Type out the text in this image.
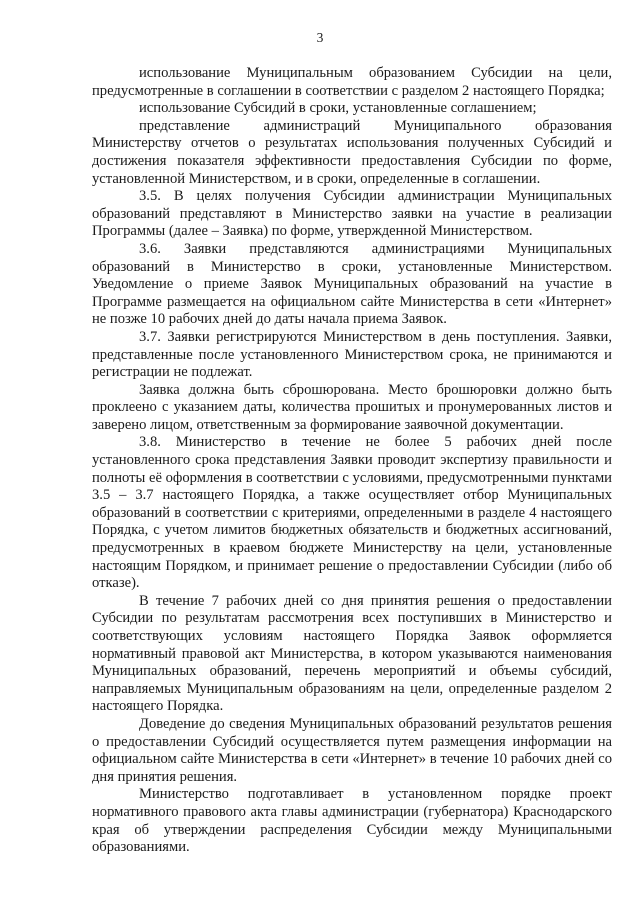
3

использование Муниципальным образованием Субсидии на цели, предусмотренные в соглашении в соответствии с разделом 2 настоящего Порядка;

использование Субсидий в сроки, установленные соглашением;

представление администраций Муниципального образования Министерству отчетов о результатах использования полученных Субсидий и достижения показателя эффективности предоставления Субсидии по форме, установленной Министерством, и в сроки, определенные в соглашении.

3.5. В целях получения Субсидии администрации Муниципальных образований представляют в Министерство заявки на участие в реализации Программы (далее – Заявка) по форме, утвержденной Министерством.

3.6. Заявки представляются администрациями Муниципальных образований в Министерство в сроки, установленные Министерством. Уведомление о приеме Заявок Муниципальных образований на участие в Программе размещается на официальном сайте Министерства в сети «Интернет» не позже 10 рабочих дней до даты начала приема Заявок.

3.7. Заявки регистрируются Министерством в день поступления. Заявки, представленные после установленного Министерством срока, не принимаются и регистрации не подлежат.

Заявка должна быть сброшюрована. Место брошюровки должно быть проклеено с указанием даты, количества прошитых и пронумерованных листов и заверено лицом, ответственным за формирование заявочной документации.

3.8. Министерство в течение не более 5 рабочих дней после установленного срока представления Заявки проводит экспертизу правильности и полноты её оформления в соответствии с условиями, предусмотренными пунктами 3.5 – 3.7 настоящего Порядка, а также осуществляет отбор Муниципальных образований в соответствии с критериями, определенными в разделе 4 настоящего Порядка, с учетом лимитов бюджетных обязательств и бюджетных ассигнований, предусмотренных в краевом бюджете Министерству на цели, установленные настоящим Порядком, и принимает решение о предоставлении Субсидии (либо об отказе).

В течение 7 рабочих дней со дня принятия решения о предоставлении Субсидии по результатам рассмотрения всех поступивших в Министерство и соответствующих условиям настоящего Порядка Заявок оформляется нормативный правовой акт Министерства, в котором указываются наименования Муниципальных образований, перечень мероприятий и объемы субсидий, направляемых Муниципальным образованиям на цели, определенные разделом 2 настоящего Порядка.

Доведение до сведения Муниципальных образований результатов решения о предоставлении Субсидий осуществляется путем размещения информации на официальном сайте Министерства в сети «Интернет» в течение 10 рабочих дней со дня принятия решения.

Министерство подготавливает в установленном порядке проект нормативного правового акта главы администрации (губернатора) Краснодарского края об утверждении распределения Субсидии между Муниципальными образованиями.
